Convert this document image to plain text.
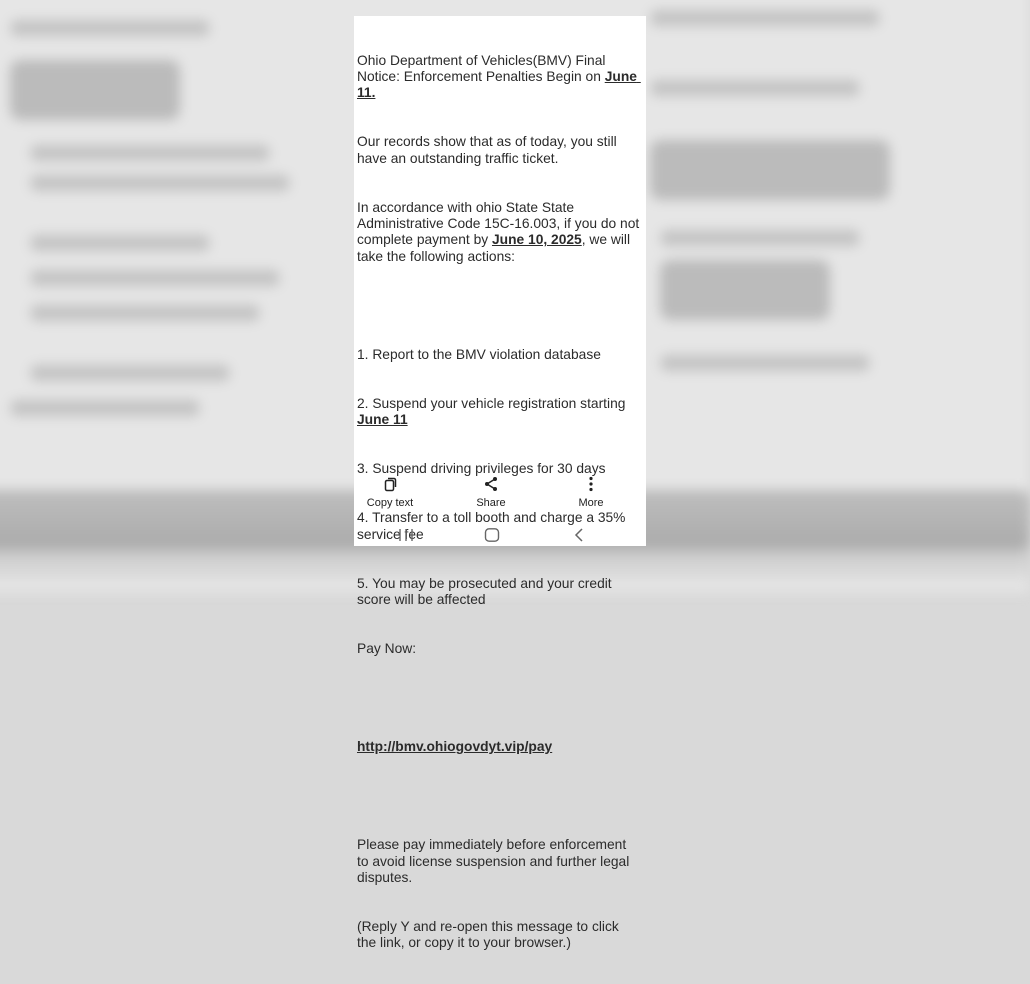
Ohio Department of Vehicles(BMV) Final Notice: Enforcement Penalties Begin on June 11.

Our records show that as of today, you still have an outstanding traffic ticket.

In accordance with ohio State State Administrative Code 15C-16.003, if you do not complete payment by June 10, 2025, we will take the following actions:

1. Report to the BMV violation database

2. Suspend your vehicle registration starting June 11

3. Suspend driving privileges for 30 days

4. Transfer to a toll booth and charge a 35% service fee

5. You may be prosecuted and your credit score will be affected

Pay Now:

http://bmv.ohiogovdyt.vip/pay

Please pay immediately before enforcement to avoid license suspension and further legal disputes.

(Reply Y and re-open this message to click the link, or copy it to your browser.)

Copy text	Share	More
